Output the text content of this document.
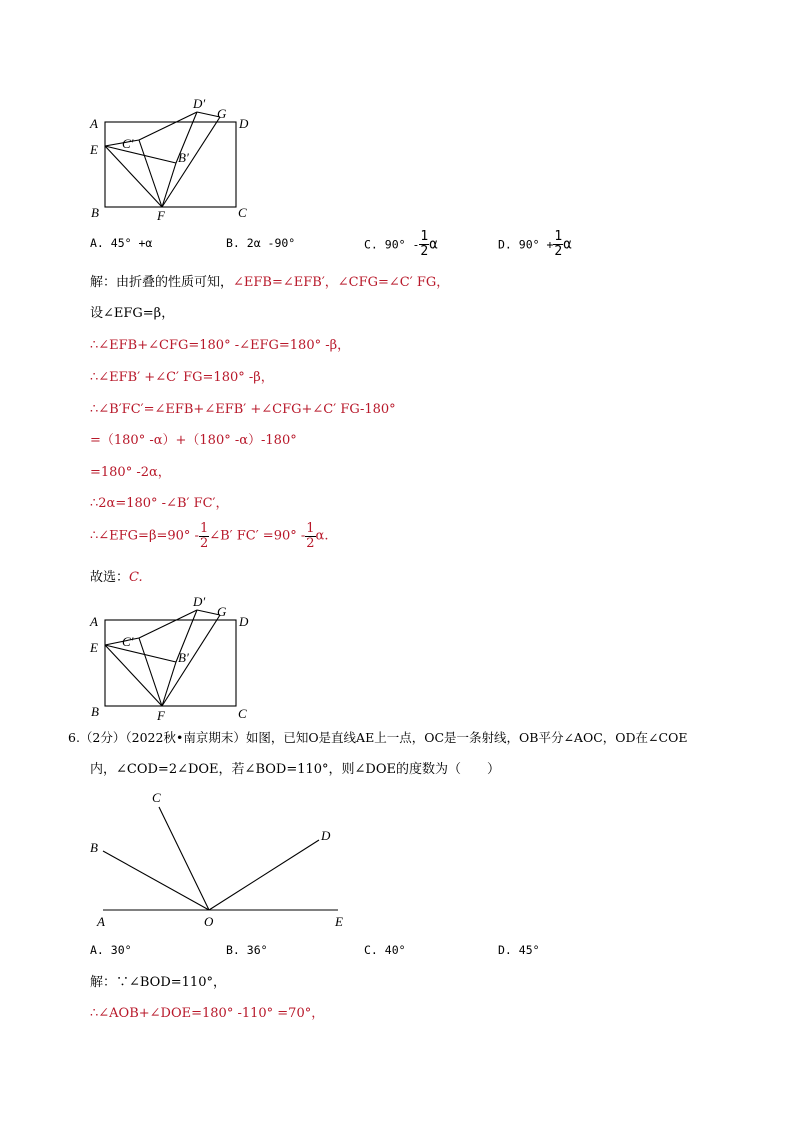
A	D
E
B	C
F
G
D′
C′
B′
A. 45° +α	B. 2α -90°	C. $90^\circ - \frac{1}{2}$ α	D. $90^\circ + \frac{1}{2}$ α
解：由折叠的性质可知，∠EFB=∠EFB′，∠CFG=∠C′ FG，
设∠EFG=β，
∴∠EFB+∠CFG=180° -∠EFG=180° -β，
∴∠EFB′ +∠C′ FG=180° -β，
∴∠B′FC′=∠EFB+∠EFB′ +∠CFG+∠C′ FG-180°
=（180° -α）+（180° -α）-180°
=180° -2α，
∴2α=180° -∠B′ FC′，
∴∠EFG=β=90° - $\frac{1}{2}$ ∠B′ $FC' =90^\circ - \frac{1}{2} \alpha$.
故选：C.
A	D
E
B	C
F
G
D′
C′
B′
6.（2分）（2022秋•南京期末）如图，已知O是直线AE上一点，OC是一条射线，OB平分∠AOC，OD在∠COE
内，∠COD=2∠DOE，若∠BOD=110°，则∠DOE的度数为（　　）
C
B
D
A	O	E
A. 30°	B. 36°	C. 40°	D. 45°
解：∵∠BOD=110°，
∴∠AOB+∠DOE=180° -110° =70°，
